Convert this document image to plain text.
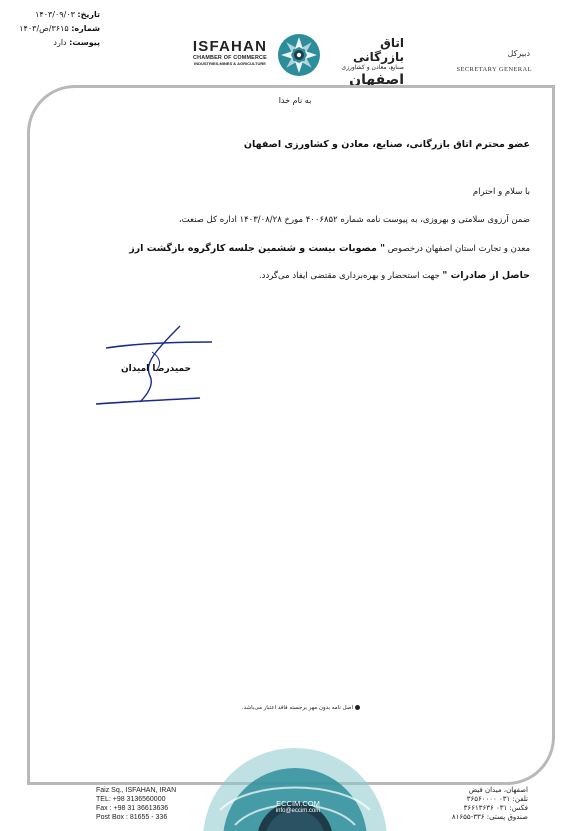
تاریخ: ۱۴۰۳/۰۹/۰۳
شماره: ۳۶۱۵/ص/۱۴۰۳
پیوست: دارد	ISFAHAN
CHAMBER OF COMMERCE
INDUSTRIES,MINES & AGRICULTURE
اتاق بازرگانی
صنایع، معادن و کشاورزی
اصفهان
دبیرکل
SECRETARY GENERAL
به نام خدا
عضو محترم اتاق بازرگانی، صنایع، معادن و کشاورزی اصفهان
با سلام و احترام
ضمن آرزوی سلامتی و بهروزی، به پیوست نامه شماره ۴۰۰۶۸۵۲ مورخ ۱۴۰۳/۰۸/۲۸ اداره کل صنعت،
معدن و تجارت استان اصفهان درخصوص " مصوبات بیست و ششمین جلسه کارگروه بازگشت ارز
حاصل از صادرات " جهت استحضار و بهره‌برداری مقتضی ایفاد می‌گردد.
حمیدرضا امیدان
اصل نامه بدون مهر برجسته فاقد اعتبار می‌باشد.
Faiz Sq., ISFAHAN, IRAN
TEL: +98 3136560000
Fax : +98 31 36613636
Post Box : 81655 - 336
ECCIM.COM
info@eccim.com
اصفهان، میدان فیض
تلفن: ۰۳۱ ۳۶۵۶۰۰۰۰
فکس: ۰۳۱ ۳۶۶۱۳۶۳۶
صندوق پستی: ۳۳۶-۸۱۶۵۵
